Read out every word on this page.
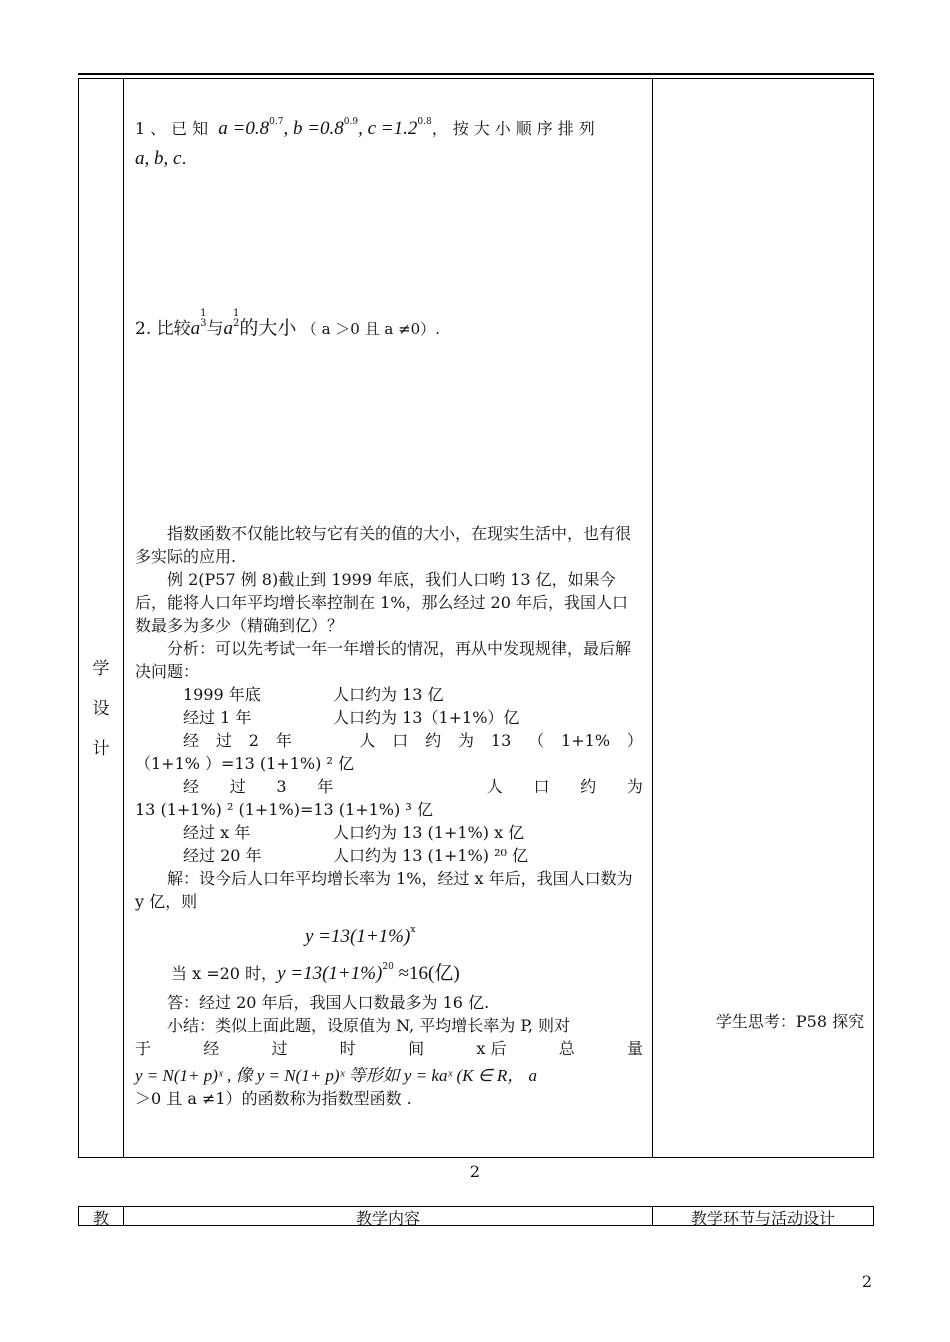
学
设
计
1、已知 $a =0.8^{0.7}$, $b =0.8^{0.9}$, $c =1.2^{0.8}$，按大小顺序排列
a, b, c.
2. 比较a
1
3 与a
1
2 的大小 （ a ＞0 且 a ≠0）.
指数函数不仅能比较与它有关的值的大小，在现实生活中，也有很多实际的应用.
例 2(P57 例 8)截止到 1999 年底，我们人口哟 13 亿，如果今后，能将人口年平均增长率控制在 1%，那么经过 20 年后，我国人口数最多为多少（精确到亿）？
分析：可以先考试一年一年增长的情况，再从中发现规律，最后解决问题：
1999 年底	人口约为 13 亿
经过 1 年	人口约为 13（1+1%）亿
经 过 2 年	人 口 约 为 13 （ 1+1% ）
（1+1% ）=13 (1+1%) ² 亿
经 过 3 年	人 口 约 为
13 (1+1%) ² (1+1%)=13 (1+1%) ³ 亿
经过 x 年	人口约为 13 (1+1%) x 亿
经过 20 年	人口约为 13 (1+1%) ²⁰ 亿
解：设今后人口年平均增长率为 1%，经过 x 年后，我国人口数为 y 亿，则
$y =13(1+1\%)^x$
当 x =20 时，$y =13(1+1\%)^{20} \approx 16$(亿)
答：经过 20 年后，我国人口数最多为 16 亿.
小结：类似上面此题，设原值为 N, 平均增长率为 P, 则对
于	经	过	时	间	x 后	总	量
y = N(1+ p)ˣ , 像 y = N(1+ p)ˣ 等形如 y = kaˣ (K ∈ R， a
＞0 且 a ≠1）的函数称为指数型函数 .
学生思考：P58 探究
2
教	教学内容	教学环节与活动设计
2
